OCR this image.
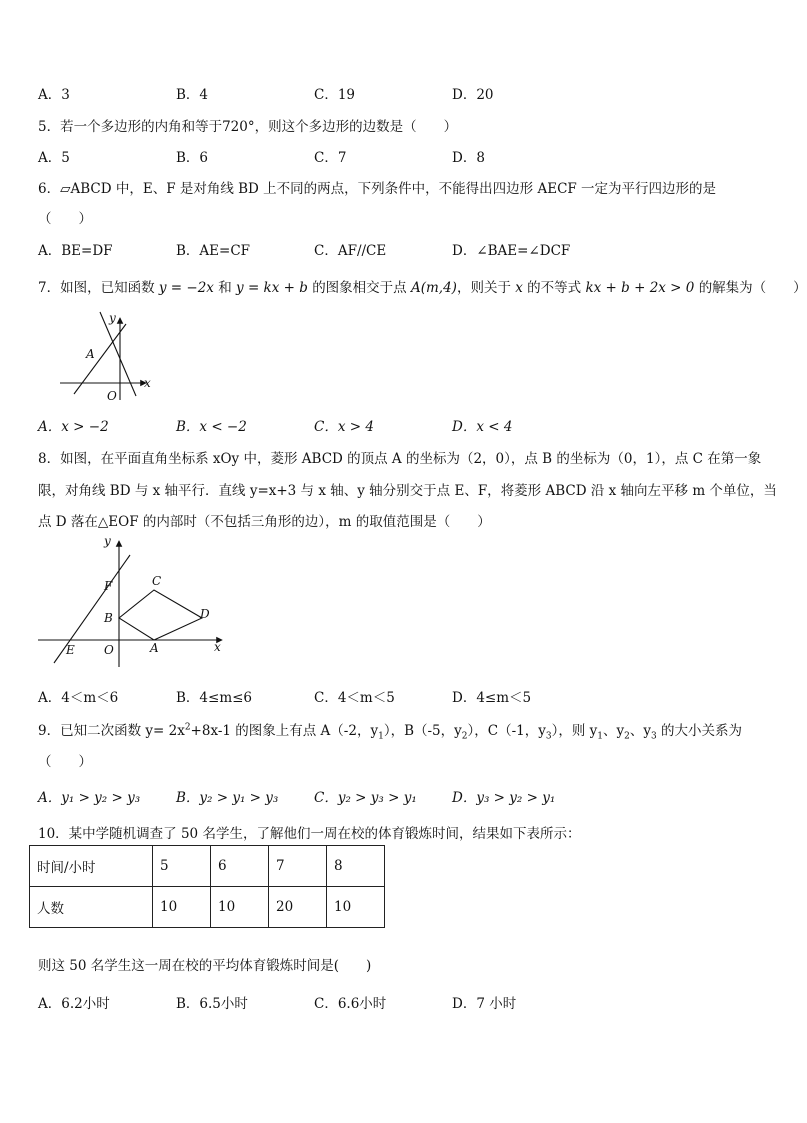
A．3	B．4	C．19	D．20
5．若一个多边形的内角和等于720°，则这个多边形的边数是（　　）
A．5	B．6	C．7	D．8
6．▱ABCD 中，E、F 是对角线 BD 上不同的两点，下列条件中，不能得出四边形 AECF 一定为平行四边形的是
（　　）
A．BE=DF	B．AE=CF	C．AF//CE	D．∠BAE=∠DCF
7．如图，已知函数 y = −2x 和 y = kx + b 的图象相交于点 A(m,4)，则关于 x 的不等式 kx + b + 2x > 0 的解集为（　　）
A
y
x
O
A．x > −2	B．x < −2	C．x > 4	D．x < 4
8．如图，在平面直角坐标系 xOy 中，菱形 ABCD 的顶点 A 的坐标为（2，0），点 B 的坐标为（0，1），点 C 在第一象
限，对角线 BD 与 x 轴平行．直线 y=x+3 与 x 轴、y 轴分别交于点 E、F，将菱形 ABCD 沿 x 轴向左平移 m 个单位，当
点 D 落在△EOF 的内部时（不包括三角形的边），m 的取值范围是（　　）
y
F	C
B	D
E O	A	x
A．4＜m＜6	B．4≤m≤6	C．4＜m＜5	D．4≤m＜5
9．已知二次函数 $y= 2x^2+8x-1$ 的图象上有点 A（-2，$y_1$），B（-5，$y_2$），C（-1，$y_3$），则 $y_1$、$y_2$、$y_3$ 的大小关系为
（　　）
A．y₁ > y₂ > y₃	B．y₂ > y₁ > y₃	C．y₂ > y₃ > y₁	D．y₃ > y₂ > y₁
10．某中学随机调查了 50 名学生，了解他们一周在校的体育锻炼时间，结果如下表所示：
时间/小时	5	6	7	8
人数	10	10	20	10
则这 50 名学生这一周在校的平均体育锻炼时间是(　　)
A．6.2小时	B．6.5小时	C．6.6小时	D．7 小时
